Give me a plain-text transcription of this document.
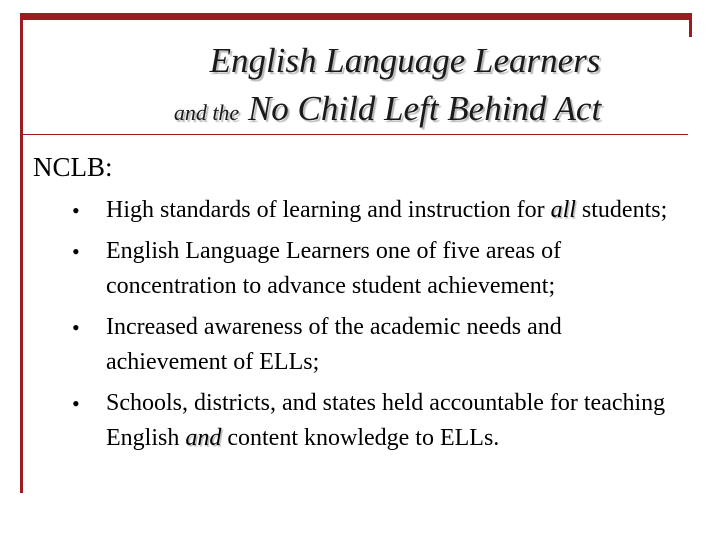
English Language Learners
and the No Child Left Behind Act

NCLB:

• High standards of learning and instruction for all students;
• English Language Learners one of five areas of concentration to advance student achievement;
• Increased awareness of the academic needs and achievement of ELLs;
• Schools, districts, and states held accountable for teaching English and content knowledge to ELLs.
